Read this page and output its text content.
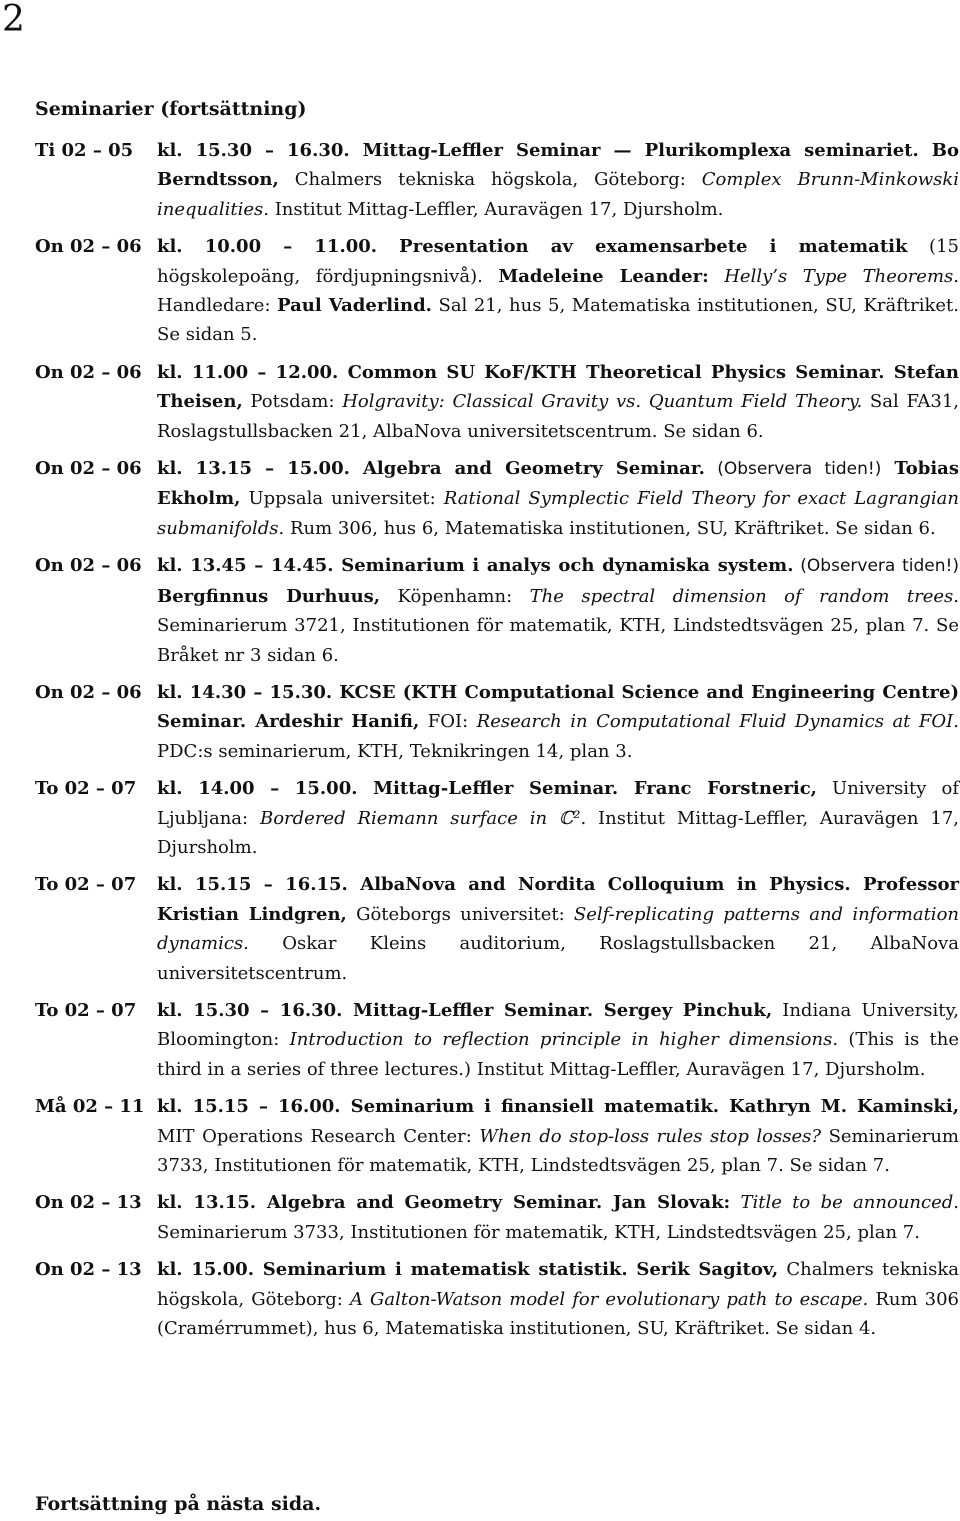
2
Seminarier (fortsättning)
Ti 02 – 05	kl. 15.30 – 16.30. Mittag-Leffler Seminar — Plurikomplexa seminariet. Bo Berndtsson, Chalmers tekniska högskola, Göteborg: Complex Brunn-Minkowski inequalities. Institut Mittag-Leffler, Auravägen 17, Djursholm.
On 02 – 06 kl. 10.00 – 11.00. Presentation av examensarbete i matematik (15 högskolepoäng, fördjupningsnivå). Madeleine Leander: Helly’s Type Theorems. Handledare: Paul Vaderlind. Sal 21, hus 5, Matematiska institutionen, SU, Kräftriket. Se sidan 5.
On 02 – 06 kl. 11.00 – 12.00. Common SU KoF/KTH Theoretical Physics Seminar. Stefan Theisen, Potsdam: Holgravity: Classical Gravity vs. Quantum Field Theory. Sal FA31, Roslagstullsbacken 21, AlbaNova universitetscentrum. Se sidan 6.
On 02 – 06 kl. 13.15 – 15.00. Algebra and Geometry Seminar. (Observera tiden!) Tobias Ekholm, Uppsala universitet: Rational Symplectic Field Theory for exact Lagrangian submanifolds. Rum 306, hus 6, Matematiska institutionen, SU, Kräftriket. Se sidan 6.
On 02 – 06 kl. 13.45 – 14.45. Seminarium i analys och dynamiska system. (Observera tiden!) Bergfinnus Durhuus, Köpenhamn: The spectral dimension of random trees. Seminarierum 3721, Institutionen för matematik, KTH, Lindstedtsvägen 25, plan 7. Se Bråket nr 3 sidan 6.
On 02 – 06 kl. 14.30 – 15.30. KCSE (KTH Computational Science and Engineering Centre) Seminar. Ardeshir Hanifi, FOI: Research in Computational Fluid Dynamics at FOI. PDC:s seminarierum, KTH, Teknikringen 14, plan 3.
To 02 – 07	kl. 14.00 – 15.00. Mittag-Leffler Seminar. Franc Forstneric, University of Ljubljana: Bordered Riemann surface in ℂ². Institut Mittag-Leffler, Auravägen 17, Djursholm.
To 02 – 07	kl. 15.15 – 16.15. AlbaNova and Nordita Colloquium in Physics. Professor Kristian Lindgren, Göteborgs universitet: Self-replicating patterns and information dynamics. Oskar Kleins auditorium, Roslagstullsbacken 21, AlbaNova universitetscentrum.
To 02 – 07	kl. 15.30 – 16.30. Mittag-Leffler Seminar. Sergey Pinchuk, Indiana University, Bloomington: Introduction to reflection principle in higher dimensions. (This is the third in a series of three lectures.) Institut Mittag-Leffler, Auravägen 17, Djursholm.
Må 02 – 11 kl. 15.15 – 16.00. Seminarium i finansiell matematik. Kathryn M. Kaminski, MIT Operations Research Center: When do stop-loss rules stop losses? Seminarierum 3733, Institutionen för matematik, KTH, Lindstedtsvägen 25, plan 7. Se sidan 7.
On 02 – 13 kl. 13.15. Algebra and Geometry Seminar. Jan Slovak: Title to be announced. Seminarierum 3733, Institutionen för matematik, KTH, Lindstedtsvägen 25, plan 7.
On 02 – 13 kl. 15.00. Seminarium i matematisk statistik. Serik Sagitov, Chalmers tekniska högskola, Göteborg: A Galton-Watson model for evolutionary path to escape. Rum 306 (Cramérrummet), hus 6, Matematiska institutionen, SU, Kräftriket. Se sidan 4.
Fortsättning på nästa sida.
